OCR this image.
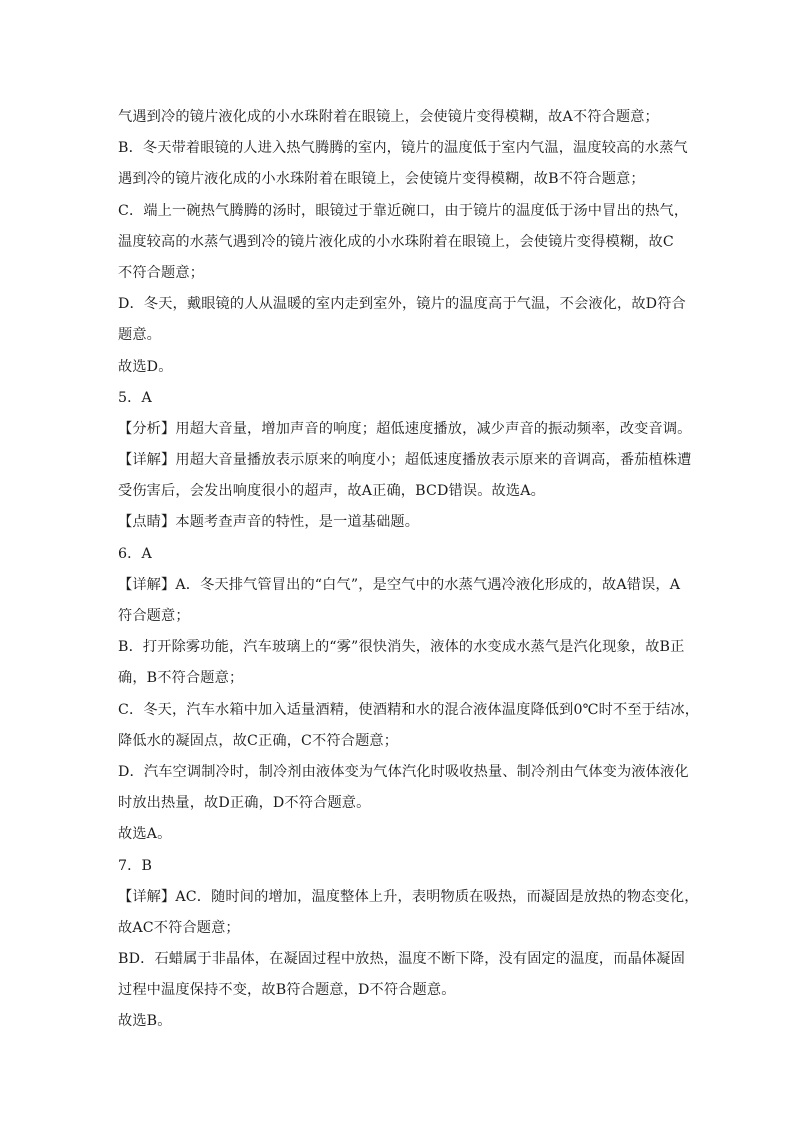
气遇到冷的镜片液化成的小水珠附着在眼镜上，会使镜片变得模糊，故A不符合题意；
B．冬天带着眼镜的人进入热气腾腾的室内，镜片的温度低于室内气温，温度较高的水蒸气
遇到冷的镜片液化成的小水珠附着在眼镜上，会使镜片变得模糊，故B不符合题意；
C．端上一碗热气腾腾的汤时，眼镜过于靠近碗口，由于镜片的温度低于汤中冒出的热气，
温度较高的水蒸气遇到冷的镜片液化成的小水珠附着在眼镜上，会使镜片变得模糊，故C
不符合题意；
D．冬天，戴眼镜的人从温暖的室内走到室外，镜片的温度高于气温，不会液化，故D符合
题意。
故选D。
5．A
【分析】用超大音量，增加声音的响度；超低速度播放，减少声音的振动频率，改变音调。
【详解】用超大音量播放表示原来的响度小；超低速度播放表示原来的音调高，番茄植株遭
受伤害后，会发出响度很小的超声，故A正确，BCD错误。故选A。
【点睛】本题考查声音的特性，是一道基础题。
6．A
【详解】A．冬天排气管冒出的“白气”，是空气中的水蒸气遇冷液化形成的，故A错误，A
符合题意；
B．打开除雾功能，汽车玻璃上的“雾”很快消失，液体的水变成水蒸气是汽化现象，故B正
确，B不符合题意；
C．冬天，汽车水箱中加入适量酒精，使酒精和水的混合液体温度降低到0℃时不至于结冰，
降低水的凝固点，故C正确，C不符合题意；
D．汽车空调制冷时，制冷剂由液体变为气体汽化时吸收热量、制冷剂由气体变为液体液化
时放出热量，故D正确，D不符合题意。
故选A。
7．B
【详解】AC．随时间的增加，温度整体上升，表明物质在吸热，而凝固是放热的物态变化，
故AC不符合题意；
BD．石蜡属于非晶体，在凝固过程中放热，温度不断下降，没有固定的温度，而晶体凝固
过程中温度保持不变，故B符合题意，D不符合题意。
故选B。
